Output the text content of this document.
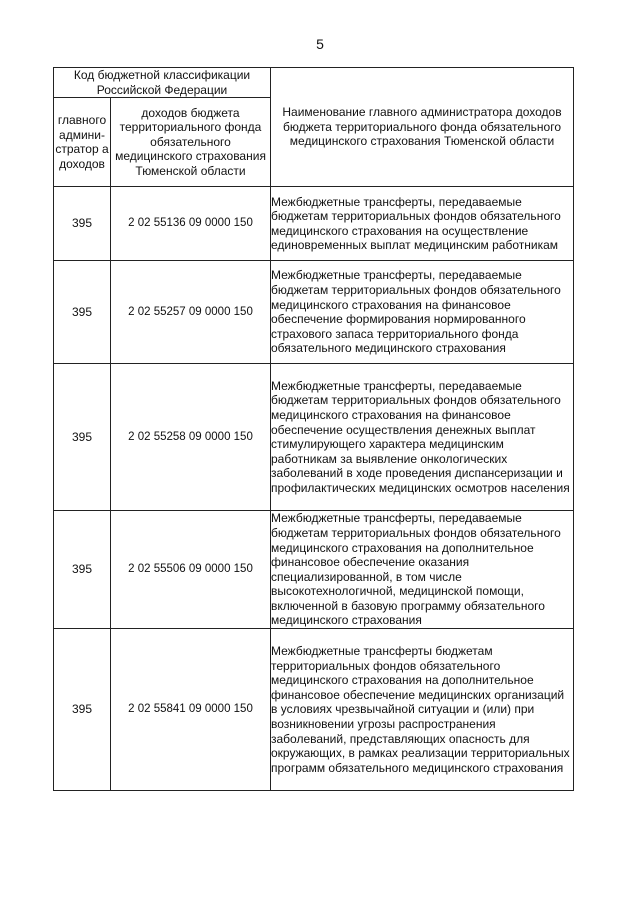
5
Код бюджетной классификации Российской Федерации		Наименование главного администратора доходов бюджета территориального фонда обязательного медицинского страхования Тюменской области
главного админи-стратор а доходов	доходов бюджета территориального фонда обязательного медицинского страхования Тюменской области	
395	2 02 55136 09 0000 150	Межбюджетные трансферты, передаваемые бюджетам территориальных фондов обязательного медицинского страхования на осуществление единовременных выплат медицинским работникам
395	2 02 55257 09 0000 150	Межбюджетные трансферты, передаваемые бюджетам территориальных фондов обязательного медицинского страхования на финансовое обеспечение формирования нормированного страхового запаса территориального фонда обязательного медицинского страхования
395	2 02 55258 09 0000 150	Межбюджетные трансферты, передаваемые бюджетам территориальных фондов обязательного медицинского страхования на финансовое обеспечение осуществления денежных выплат стимулирующего характера медицинским работникам за выявление онкологических заболеваний в ходе проведения диспансеризации и профилактических медицинских осмотров населения
395	2 02 55506 09 0000 150	Межбюджетные трансферты, передаваемые бюджетам территориальных фондов обязательного медицинского страхования на дополнительное финансовое обеспечение оказания специализированной, в том числе высокотехнологичной, медицинской помощи, включенной в базовую программу обязательного медицинского страхования
395	2 02 55841 09 0000 150	Межбюджетные трансферты бюджетам территориальных фондов обязательного медицинского страхования на дополнительное финансовое обеспечение медицинских организаций в условиях чрезвычайной ситуации и (или) при возникновении угрозы распространения заболеваний, представляющих опасность для окружающих, в рамках реализации территориальных программ обязательного медицинского страхования
